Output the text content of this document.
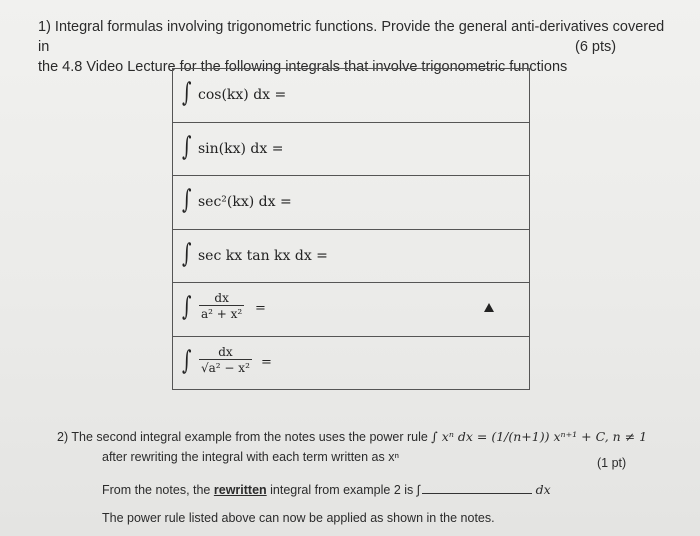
1) Integral formulas involving trigonometric functions. Provide the general anti-derivatives covered in
the 4.8 Video Lecture for the following integrals that involve trigonometric functions
(6 pts)
∫ cos(kx) dx =
∫ sin(kx) dx =
∫ sec²(kx) dx =
∫ sec kx tan kx dx =
∫ $\frac{dx}{\text{a² + x²}}$ =
∫ $\frac{dx}{\text{√a² − x²}}$ =
2) The second integral example from the notes uses the power rule ∫ xⁿ dx = (1/(n+1)) xⁿ⁺¹ + C, n ≠ 1
after rewriting the integral with each term written as xⁿ	(1 pt)
From the notes, the rewritten integral from example 2 is ∫	dx
The power rule listed above can now be applied as shown in the notes.
